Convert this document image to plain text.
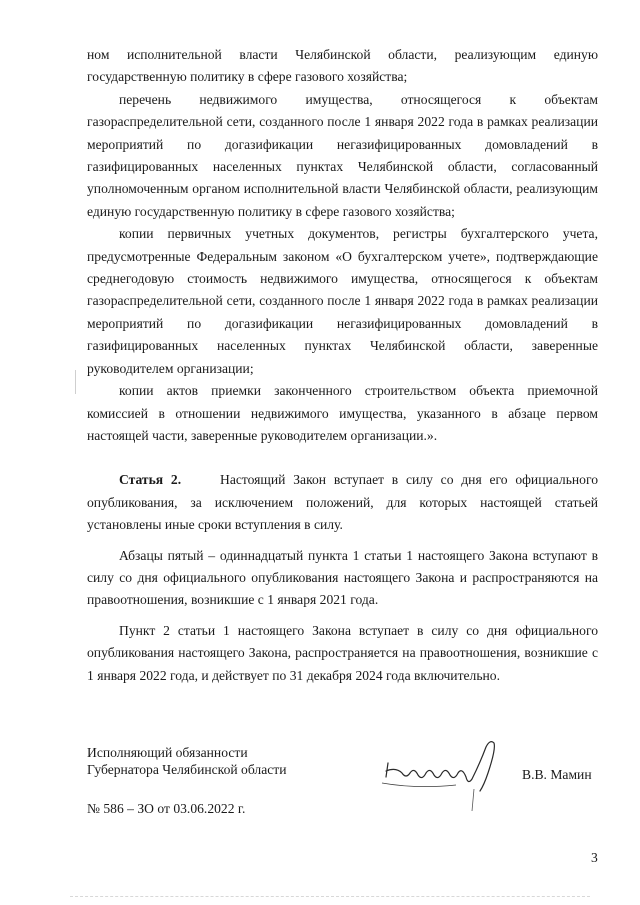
ном исполнительной власти Челябинской области, реализующим единую государственную политику в сфере газового хозяйства;

перечень недвижимого имущества, относящегося к объектам газораспределительной сети, созданного после 1 января 2022 года в рамках реализации мероприятий по догазификации негазифицированных домовладений в газифицированных населенных пунктах Челябинской области, согласованный уполномоченным органом исполнительной власти Челябинской области, реализующим единую государственную политику в сфере газового хозяйства;

копии первичных учетных документов, регистры бухгалтерского учета, предусмотренные Федеральным законом «О бухгалтерском учете», подтверждающие среднегодовую стоимость недвижимого имущества, относящегося к объектам газораспределительной сети, созданного после 1 января 2022 года в рамках реализации мероприятий по догазификации негазифицированных домовладений в газифицированных населенных пунктах Челябинской области, заверенные руководителем организации;

копии актов приемки законченного строительством объекта приемочной комиссией в отношении недвижимого имущества, указанного в абзаце первом настоящей части, заверенные руководителем организации.».

Статья 2.	Настоящий Закон вступает в силу со дня его официального опубликования, за исключением положений, для которых настоящей статьей установлены иные сроки вступления в силу.

Абзацы пятый – одиннадцатый пункта 1 статьи 1 настоящего Закона вступают в силу со дня официального опубликования настоящего Закона и распространяются на правоотношения, возникшие с 1 января 2021 года.

Пункт 2 статьи 1 настоящего Закона вступает в силу со дня официального опубликования настоящего Закона, распространяется на правоотношения, возникшие с 1 января 2022 года, и действует по 31 декабря 2024 года включительно.

Исполняющий обязанности
Губернатора Челябинской области	В.В. Мамин
№ 586 – ЗО от 03.06.2022 г.
3
